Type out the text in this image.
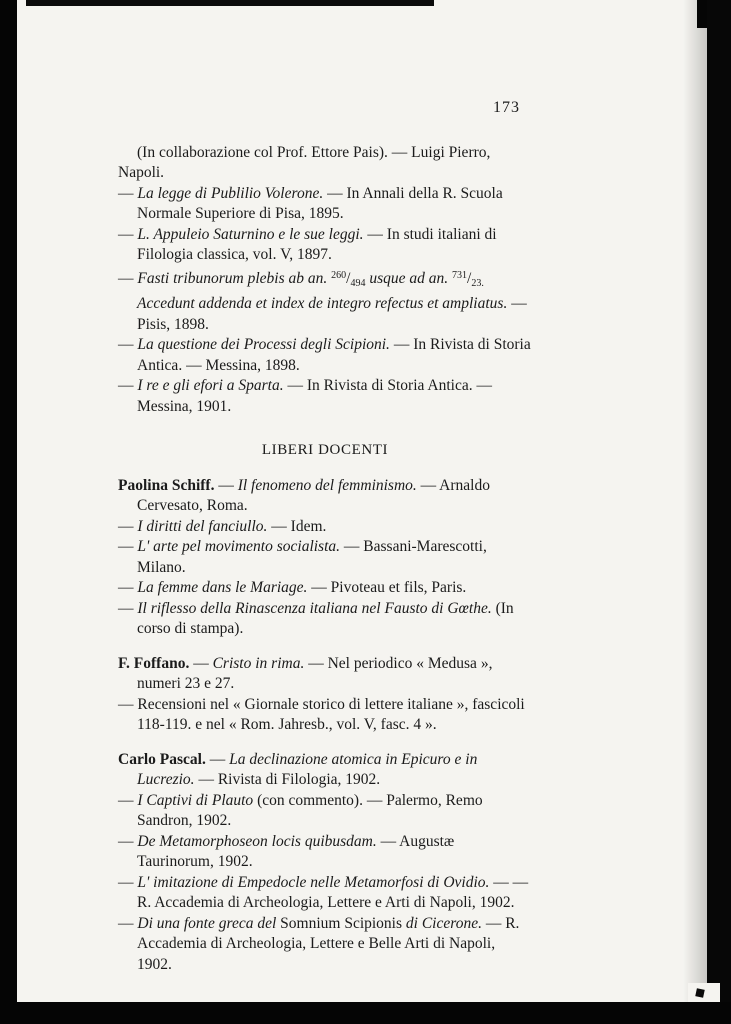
173

(In collaborazione col Prof. Ettore Pais). — Luigi Pierro, Napoli.

— La legge di Publilio Volerone. — In Annali della R. Scuola Normale Superiore di Pisa, 1895.

— L. Appuleio Saturnino e le sue leggi. — In studi italiani di Filologia classica, vol. V, 1897.

— Fasti tribunorum plebis ab an. $^{260}$/494 usque ad an. $^{731}$/23. Accedunt addenda et index de integro refectus et ampliatus. — Pisis, 1898.

— La questione dei Processi degli Scipioni. — In Rivista di Storia Antica. — Messina, 1898.

— I re e gli efori a Sparta. — In Rivista di Storia Antica. — Messina, 1901.

LIBERI DOCENTI

Paolina Schiff. — Il fenomeno del femminismo. — Arnaldo Cervesato, Roma.

— I diritti del fanciullo. — Idem.

— L' arte pel movimento socialista. — Bassani-Marescotti, Milano.

— La femme dans le Mariage. — Pivoteau et fils, Paris.

— Il riflesso della Rinascenza italiana nel Fausto di Gœthe. (In corso di stampa).

F. Foffano. — Cristo in rima. — Nel periodico « Medusa », numeri 23 e 27.

— Recensioni nel « Giornale storico di lettere italiane », fascicoli 118-119. e nel « Rom. Jahresb., vol. V, fasc. 4 ».

Carlo Pascal. — La declinazione atomica in Epicuro e in Lucrezio. — Rivista di Filologia, 1902.

— I Captivi di Plauto (con commento). — Palermo, Remo Sandron, 1902.

— De Metamorphoseon locis quibusdam. — Augustæ Taurinorum, 1902.

— L' imitazione di Empedocle nelle Metamorfosi di Ovidio. — — R. Accademia di Archeologia, Lettere e Arti di Napoli, 1902.

— Di una fonte greca del Somnium Scipionis di Cicerone. — R. Accademia di Archeologia, Lettere e Belle Arti di Napoli, 1902.
